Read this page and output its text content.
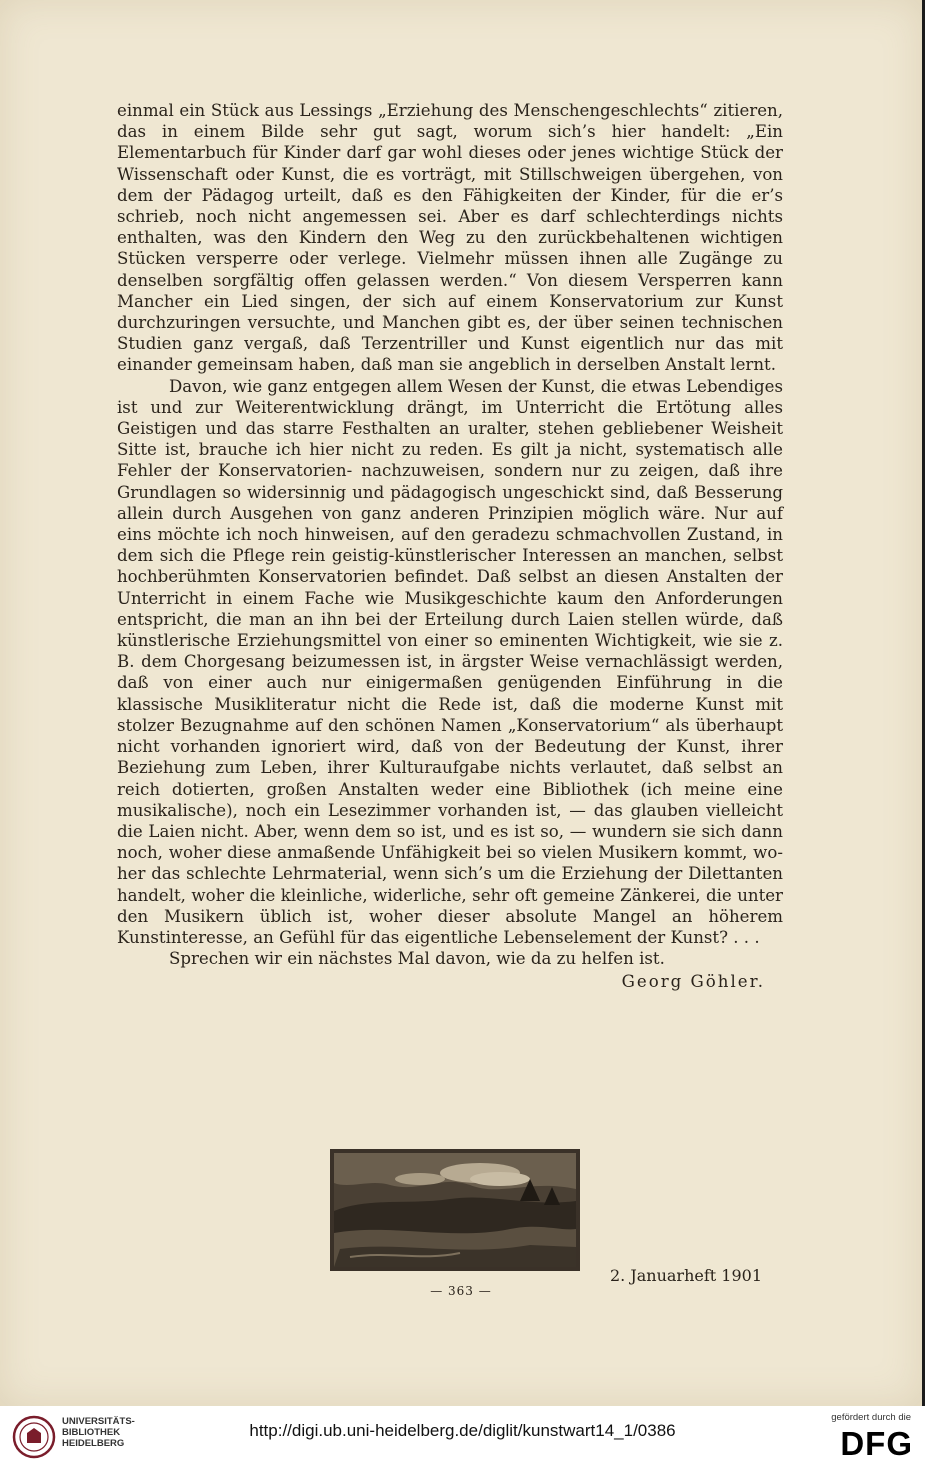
einmal ein Stück aus Lessings „Erziehung des Menschengeschlechts“ zitieren, das in einem Bilde sehr gut sagt, worum sich’s hier handelt: „Ein Elementarbuch für Kinder darf gar wohl dieses oder jenes wichtige Stück der Wissenschaft oder Kunst, die es vorträgt, mit Stillschweigen übergehen, von dem der Pädagog urteilt, daß es den Fähigkeiten der Kinder, für die er’s schrieb, noch nicht angemessen sei. Aber es darf schlechterdings nichts enthalten, was den Kindern den Weg zu den zurückbehaltenen wichtigen Stücken versperre oder verlege. Vielmehr müssen ihnen alle Zugänge zu denselben sorgfältig offen gelassen werden.“ Von diesem Versperren kann Mancher ein Lied singen, der sich auf einem Konservatorium zur Kunst durchzuringen versuchte, und Manchen gibt es, der über seinen technischen Studien ganz vergaß, daß Terzentriller und Kunst eigentlich nur das mit einander gemeinsam haben, daß man sie angeblich in derselben Anstalt lernt.

Davon, wie ganz entgegen allem Wesen der Kunst, die etwas Lebendiges ist und zur Weiterentwicklung drängt, im Unterricht die Ertötung alles Geistigen und das starre Festhalten an uralter, stehen gebliebener Weisheit Sitte ist, brauche ich hier nicht zu reden. Es gilt ja nicht, systematisch alle Fehler der Konservatorien- nachzuweisen, sondern nur zu zeigen, daß ihre Grundlagen so widersinnig und pädagogisch ungeschickt sind, daß Besserung allein durch Ausgehen von ganz anderen Prinzipien möglich wäre. Nur auf eins möchte ich noch hinweisen, auf den geradezu schmachvollen Zustand, in dem sich die Pflege rein geistig-künstlerischer Interessen an manchen, selbst hochberühmten Konservatorien befindet. Daß selbst an diesen Anstalten der Unterricht in einem Fache wie Musikgeschichte kaum den Anforderungen entspricht, die man an ihn bei der Erteilung durch Laien stellen würde, daß künstlerische Erziehungsmittel von einer so eminenten Wichtigkeit, wie sie z. B. dem Chorgesang beizumessen ist, in ärgster Weise vernachlässigt werden, daß von einer auch nur einigermaßen genügenden Einführung in die klassische Musikliteratur nicht die Rede ist, daß die moderne Kunst mit stolzer Bezugnahme auf den schönen Namen „Konservatorium“ als überhaupt nicht vorhanden ignoriert wird, daß von der Bedeutung der Kunst, ihrer Beziehung zum Leben, ihrer Kulturaufgabe nichts verlautet, daß selbst an reich dotierten, großen Anstalten weder eine Bibliothek (ich meine eine musikalische), noch ein Lesezimmer vorhanden ist, — das glauben vielleicht die Laien nicht. Aber, wenn dem so ist, und es ist so, — wundern sie sich dann noch, woher diese anmaßende Unfähigkeit bei so vielen Musikern kommt, woher das schlechte Lehrmaterial, wenn sich’s um die Erziehung der Dilettanten handelt, woher die kleinliche, widerliche, sehr oft gemeine Zänkerei, die unter den Musikern üblich ist, woher dieser absolute Mangel an höherem Kunstinteresse, an Gefühl für das eigentliche Lebenselement der Kunst? . . .

Sprechen wir ein nächstes Mal davon, wie da zu helfen ist.

Georg Göhler.

2. Januarheft 1901
— 363 —
UNIVERSITÄTS-
BIBLIOTHEK
HEIDELBERG
http://digi.ub.uni-heidelberg.de/diglit/kunstwart14_1/0386
gefördert durch die
DFG
